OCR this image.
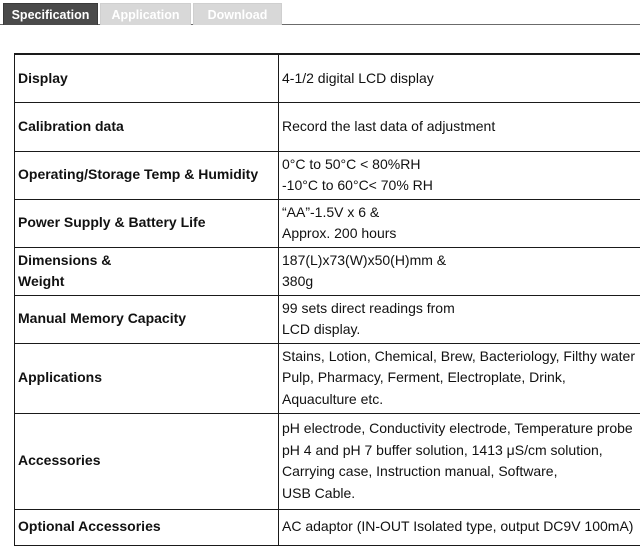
Specification	Application	Download
Display	4-1/2 digital LCD display

Calibration data	Record the last data of adjustment

Operating/Storage Temp & Humidity	0°C to 50°C < 80%RH
-10°C to 60°C< 70% RH

Power Supply & Battery Life	“AA”-1.5V x 6 &
Approx. 200 hours

Dimensions &
Weight	187(L)x73(W)x50(H)mm &
380g

Manual Memory Capacity	99 sets direct readings from
LCD display.

Applications	Stains, Lotion, Chemical, Brew, Bacteriology, Filthy water
Pulp, Pharmacy, Ferment, Electroplate, Drink,
Aquaculture etc.

Accessories	pH electrode, Conductivity electrode, Temperature probe
pH 4 and pH 7 buffer solution, 1413 μS/cm solution,
Carrying case, Instruction manual, Software,
USB Cable.

Optional Accessories	AC adaptor (IN-OUT Isolated type, output DC9V 100mA)
